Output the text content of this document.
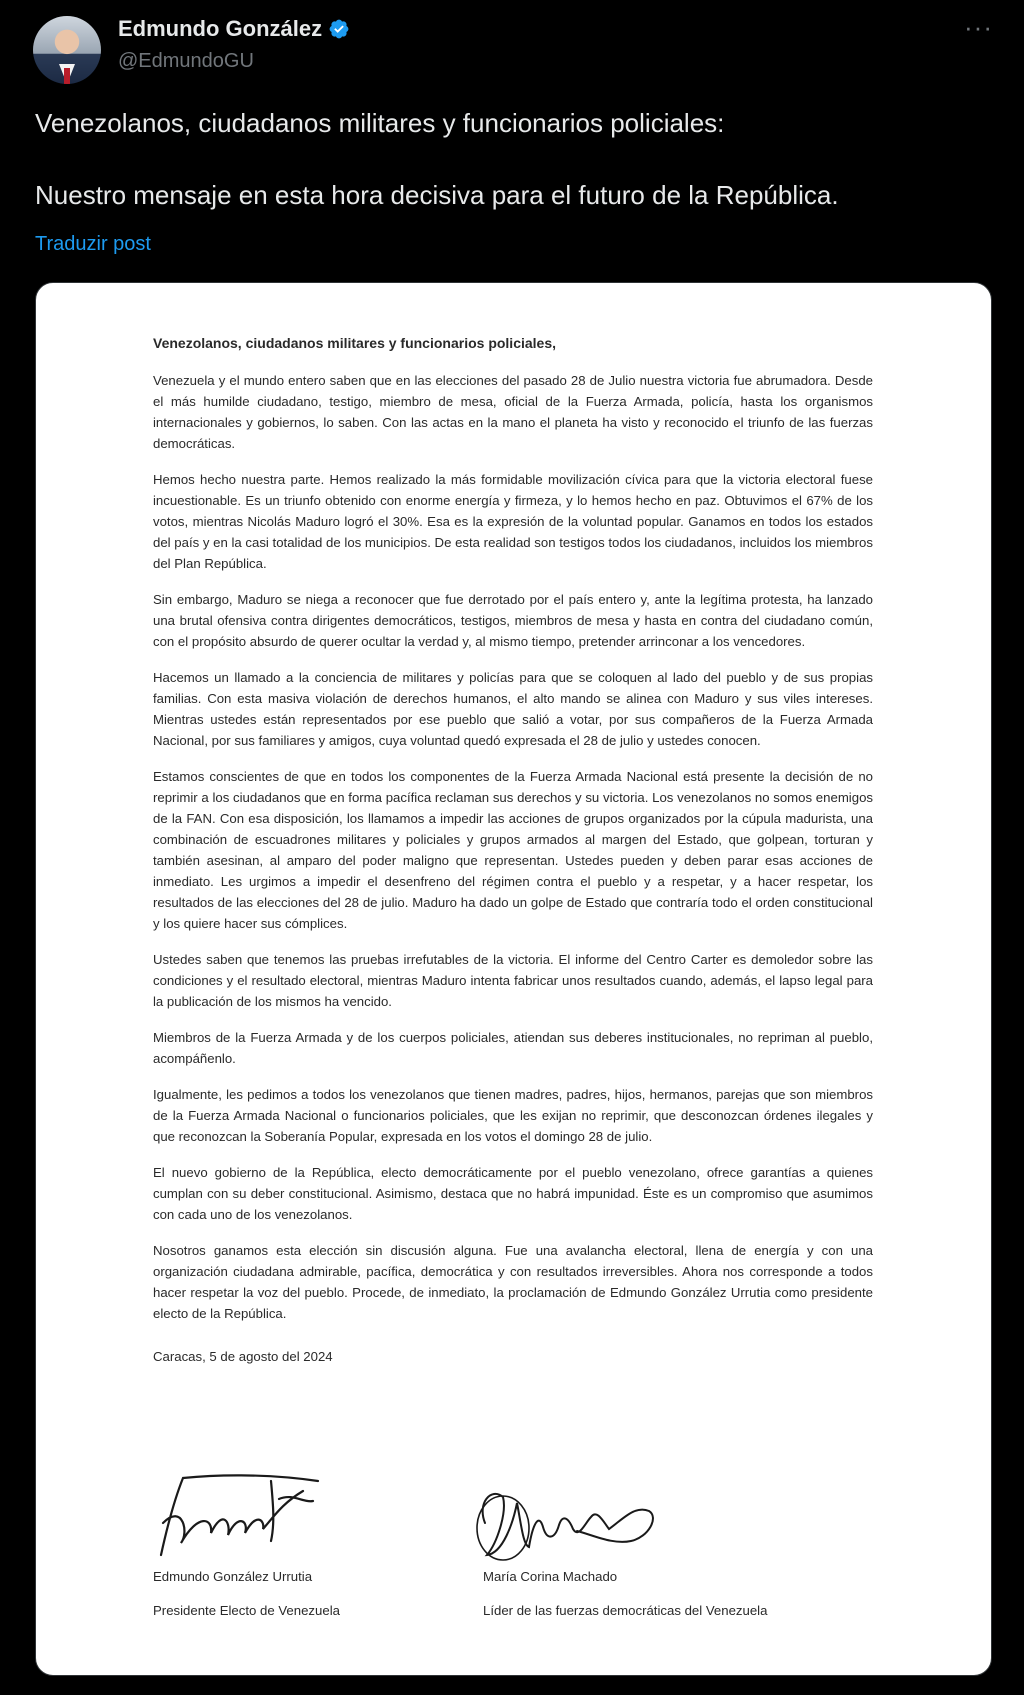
Edmundo González
@EdmundoGU
···

Venezolanos, ciudadanos militares y funcionarios policiales:

Nuestro mensaje en esta hora decisiva para el futuro de la República.

Traduzir post

Venezolanos, ciudadanos militares y funcionarios policiales,

Venezuela y el mundo entero saben que en las elecciones del pasado 28 de Julio nuestra victoria fue abrumadora. Desde el más humilde ciudadano, testigo, miembro de mesa, oficial de la Fuerza Armada, policía, hasta los organismos internacionales y gobiernos, lo saben. Con las actas en la mano el planeta ha visto y reconocido el triunfo de las fuerzas democráticas.

Hemos hecho nuestra parte. Hemos realizado la más formidable movilización cívica para que la victoria electoral fuese incuestionable. Es un triunfo obtenido con enorme energía y firmeza, y lo hemos hecho en paz. Obtuvimos el 67% de los votos, mientras Nicolás Maduro logró el 30%. Esa es la expresión de la voluntad popular. Ganamos en todos los estados del país y en la casi totalidad de los municipios. De esta realidad son testigos todos los ciudadanos, incluidos los miembros del Plan República.

Sin embargo, Maduro se niega a reconocer que fue derrotado por el país entero y, ante la legítima protesta, ha lanzado una brutal ofensiva contra dirigentes democráticos, testigos, miembros de mesa y hasta en contra del ciudadano común, con el propósito absurdo de querer ocultar la verdad y, al mismo tiempo, pretender arrinconar a los vencedores.

Hacemos un llamado a la conciencia de militares y policías para que se coloquen al lado del pueblo y de sus propias familias. Con esta masiva violación de derechos humanos, el alto mando se alinea con Maduro y sus viles intereses. Mientras ustedes están representados por ese pueblo que salió a votar, por sus compañeros de la Fuerza Armada Nacional, por sus familiares y amigos, cuya voluntad quedó expresada el 28 de julio y ustedes conocen.

Estamos conscientes de que en todos los componentes de la Fuerza Armada Nacional está presente la decisión de no reprimir a los ciudadanos que en forma pacífica reclaman sus derechos y su victoria. Los venezolanos no somos enemigos de la FAN. Con esa disposición, los llamamos a impedir las acciones de grupos organizados por la cúpula madurista, una combinación de escuadrones militares y policiales y grupos armados al margen del Estado, que golpean, torturan y también asesinan, al amparo del poder maligno que representan. Ustedes pueden y deben parar esas acciones de inmediato. Les urgimos a impedir el desenfreno del régimen contra el pueblo y a respetar, y a hacer respetar, los resultados de las elecciones del 28 de julio. Maduro ha dado un golpe de Estado que contraría todo el orden constitucional y los quiere hacer sus cómplices.

Ustedes saben que tenemos las pruebas irrefutables de la victoria. El informe del Centro Carter es demoledor sobre las condiciones y el resultado electoral, mientras Maduro intenta fabricar unos resultados cuando, además, el lapso legal para la publicación de los mismos ha vencido.

Miembros de la Fuerza Armada y de los cuerpos policiales, atiendan sus deberes institucionales, no repriman al pueblo, acompáñenlo.

Igualmente, les pedimos a todos los venezolanos que tienen madres, padres, hijos, hermanos, parejas que son miembros de la Fuerza Armada Nacional o funcionarios policiales, que les exijan no reprimir, que desconozcan órdenes ilegales y que reconozcan la Soberanía Popular, expresada en los votos el domingo 28 de julio.

El nuevo gobierno de la República, electo democráticamente por el pueblo venezolano, ofrece garantías a quienes cumplan con su deber constitucional. Asimismo, destaca que no habrá impunidad. Éste es un compromiso que asumimos con cada uno de los venezolanos.

Nosotros ganamos esta elección sin discusión alguna. Fue una avalancha electoral, llena de energía y con una organización ciudadana admirable, pacífica, democrática y con resultados irreversibles. Ahora nos corresponde a todos hacer respetar la voz del pueblo. Procede, de inmediato, la proclamación de Edmundo González Urrutia como presidente electo de la República.

Caracas, 5 de agosto del 2024

Edmundo González Urrutia
Presidente Electo de Venezuela
María Corina Machado
Líder de las fuerzas democráticas del Venezuela
